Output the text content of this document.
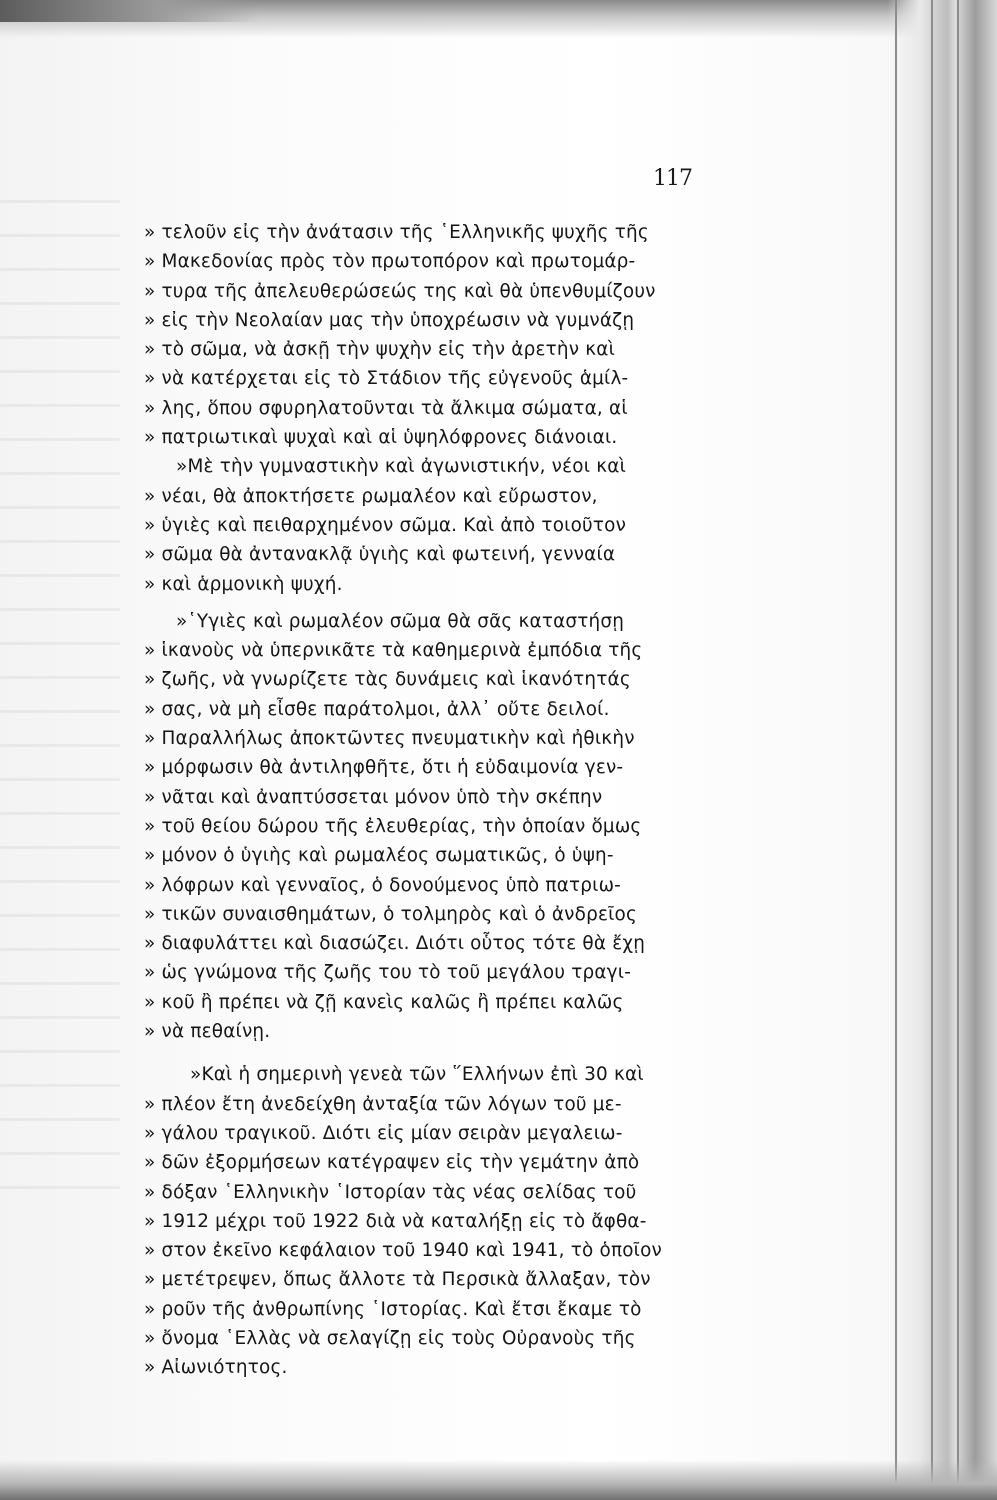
117
» τελοῦν εἰς τὴν ἀνάτασιν τῆς ῾Ελληνικῆς ψυχῆς τῆς
» Μακεδονίας πρὸς τὸν πρωτοπόρον καὶ πρωτομάρ-
» τυρα τῆς ἀπελευθερώσεώς της καὶ θὰ ὑπενθυμίζουν
» εἰς τὴν Νεολαίαν μας τὴν ὑποχρέωσιν νὰ γυμνάζῃ
» τὸ σῶμα, νὰ ἀσκῇ τὴν ψυχὴν εἰς τὴν ἀρετὴν καὶ
» νὰ κατέρχεται εἰς τὸ Στάδιον τῆς εὐγενοῦς ἁμίλ-
» λης, ὅπου σφυρηλατοῦνται τὰ ἄλκιμα σώματα, αἱ
» πατριωτικαὶ ψυχαὶ καὶ αἱ ὑψηλόφρονες διάνοιαι.
»Μὲ τὴν γυμναστικὴν καὶ ἀγωνιστικήν, νέοι καὶ
» νέαι, θὰ ἀποκτήσετε ρωμαλέον καὶ εὔρωστον,
» ὑγιὲς καὶ πειθαρχημένον σῶμα. Καὶ ἀπὸ τοιοῦτον
» σῶμα θὰ ἀντανακλᾷ ὑγιὴς καὶ φωτεινή, γενναία
» καὶ ἁρμονικὴ ψυχή.
»῾Υγιὲς καὶ ρωμαλέον σῶμα θὰ σᾶς καταστήσῃ
» ἱκανοὺς νὰ ὑπερνικᾶτε τὰ καθημερινὰ ἐμπόδια τῆς
» ζωῆς, νὰ γνωρίζετε τὰς δυνάμεις καὶ ἱκανότητάς
» σας, νὰ μὴ εἶσθε παράτολμοι, ἀλλ᾿ οὔτε δειλοί.
» Παραλλήλως ἀποκτῶντες πνευματικὴν καὶ ἠθικὴν
» μόρφωσιν θὰ ἀντιληφθῆτε, ὅτι ἡ εὐδαιμονία γεν-
» νᾶται καὶ ἀναπτύσσεται μόνον ὑπὸ τὴν σκέπην
» τοῦ θείου δώρου τῆς ἐλευθερίας, τὴν ὁποίαν ὅμως
» μόνον ὁ ὑγιὴς καὶ ρωμαλέος σωματικῶς, ὁ ὑψη-
» λόφρων καὶ γενναῖος, ὁ δονούμενος ὑπὸ πατριω-
» τικῶν συναισθημάτων, ὁ τολμηρὸς καὶ ὁ ἀνδρεῖος
» διαφυλάττει καὶ διασώζει. Διότι οὗτος τότε θὰ ἔχῃ
» ὡς γνώμονα τῆς ζωῆς του τὸ τοῦ μεγάλου τραγι-
» κοῦ ἢ πρέπει νὰ ζῇ κανεὶς καλῶς ἢ πρέπει καλῶς
» νὰ πεθαίνῃ.
»Καὶ ἡ σημερινὴ γενεὰ τῶν ῞Ελλήνων ἐπὶ 30 καὶ
» πλέον ἔτη ἀνεδείχθη ἀνταξία τῶν λόγων τοῦ με-
» γάλου τραγικοῦ. Διότι εἰς μίαν σειρὰν μεγαλειω-
» δῶν ἐξορμήσεων κατέγραψεν εἰς τὴν γεμάτην ἀπὸ
» δόξαν ῾Ελληνικὴν ῾Ιστορίαν τὰς νέας σελίδας τοῦ
» 1912 μέχρι τοῦ 1922 διὰ νὰ καταλήξῃ εἰς τὸ ἄφθα-
» στον ἐκεῖνο κεφάλαιον τοῦ 1940 καὶ 1941, τὸ ὁποῖον
» μετέτρεψεν, ὅπως ἄλλοτε τὰ Περσικὰ ἄλλαξαν, τὸν
» ροῦν τῆς ἀνθρωπίνης ῾Ιστορίας. Καὶ ἔτσι ἔκαμε τὸ
» ὄνομα ῾Ελλὰς νὰ σελαγίζῃ εἰς τοὺς Οὐρανοὺς τῆς
» Αἰωνιότητος.
